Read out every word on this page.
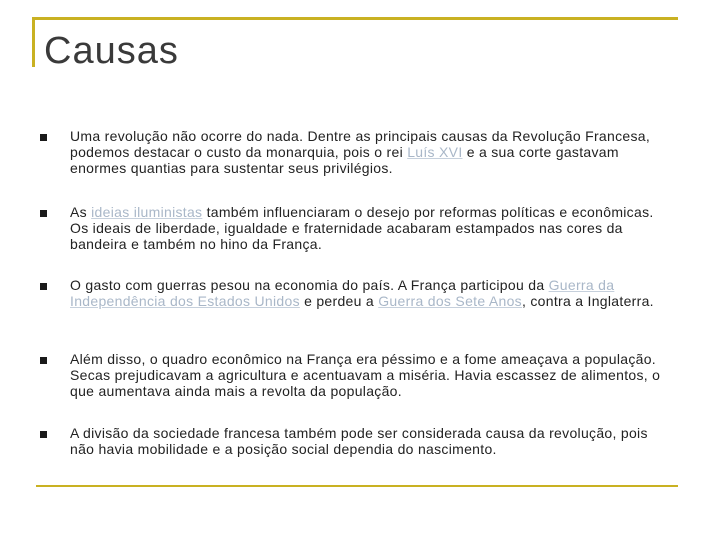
Causas
Uma revolução não ocorre do nada. Dentre as principais causas da Revolução Francesa, podemos destacar o custo da monarquia, pois o rei Luís XVI e a sua corte gastavam enormes quantias para sustentar seus privilégios.
As ideias iluministas também influenciaram o desejo por reformas políticas e econômicas. Os ideais de liberdade, igualdade e fraternidade acabaram estampados nas cores da bandeira e também no hino da França.
O gasto com guerras pesou na economia do país. A França participou da Guerra da Independência dos Estados Unidos e perdeu a Guerra dos Sete Anos, contra a Inglaterra.
Além disso, o quadro econômico na França era péssimo e a fome ameaçava a população. Secas prejudicavam a agricultura e acentuavam a miséria. Havia escassez de alimentos, o que aumentava ainda mais a revolta da população.
A divisão da sociedade francesa também pode ser considerada causa da revolução, pois não havia mobilidade e a posição social dependia do nascimento.
